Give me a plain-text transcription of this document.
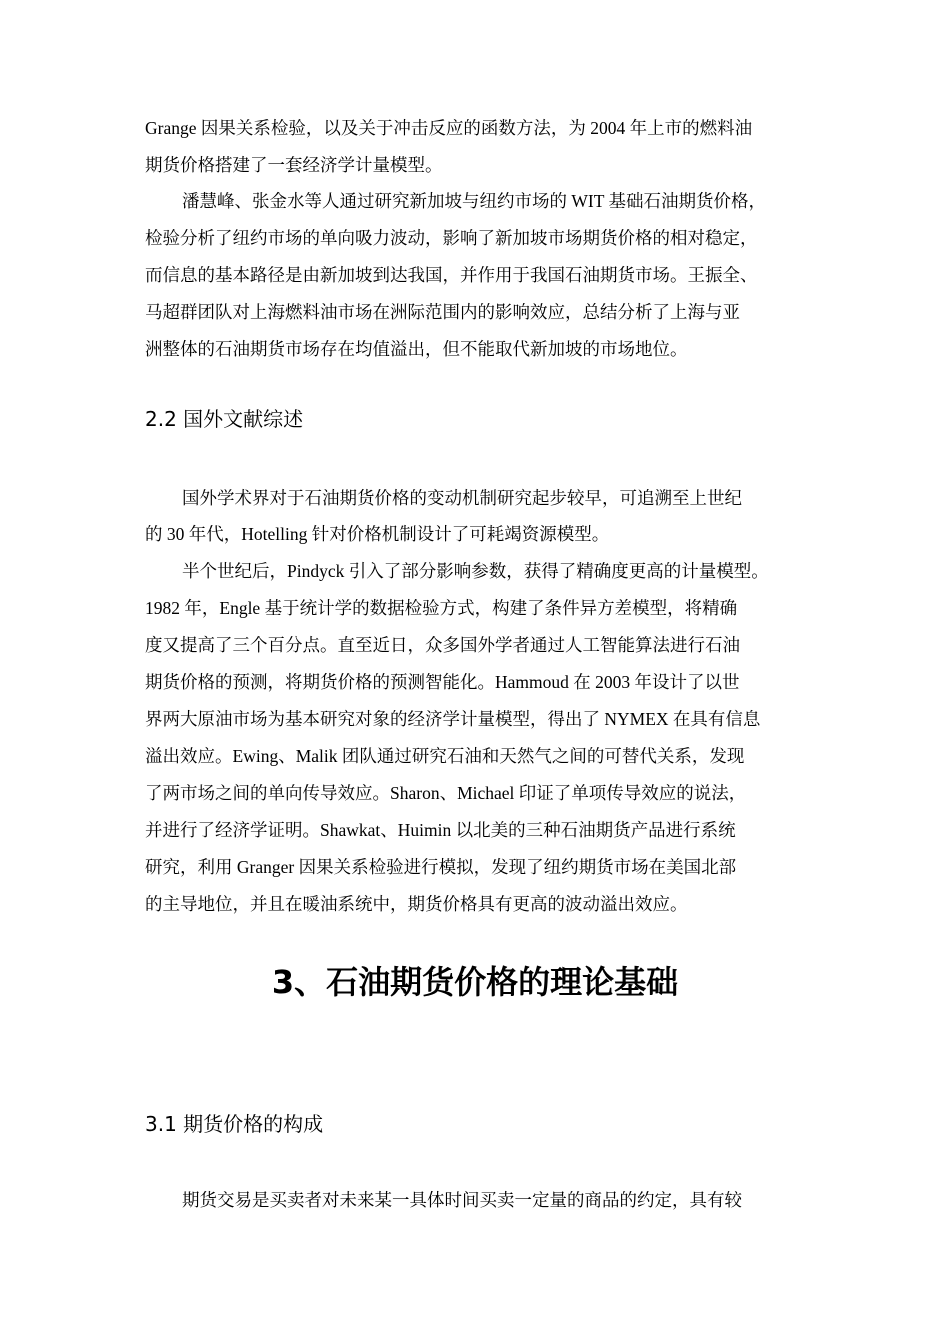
Grange 因果关系检验，以及关于冲击反应的函数方法，为 2004 年上市的燃料油

期货价格搭建了一套经济学计量模型。

潘慧峰、张金水等人通过研究新加坡与纽约市场的 WIT 基础石油期货价格，

检验分析了纽约市场的单向吸力波动，影响了新加坡市场期货价格的相对稳定，

而信息的基本路径是由新加坡到达我国，并作用于我国石油期货市场。王振全、

马超群团队对上海燃料油市场在洲际范围内的影响效应，总结分析了上海与亚

洲整体的石油期货市场存在均值溢出，但不能取代新加坡的市场地位。

2.2 国外文献综述

国外学术界对于石油期货价格的变动机制研究起步较早，可追溯至上世纪

的 30 年代，Hotelling 针对价格机制设计了可耗竭资源模型。

半个世纪后，Pindyck 引入了部分影响参数，获得了精确度更高的计量模型。

1982 年，Engle 基于统计学的数据检验方式，构建了条件异方差模型，将精确

度又提高了三个百分点。直至近日，众多国外学者通过人工智能算法进行石油

期货价格的预测，将期货价格的预测智能化。Hammoud 在 2003 年设计了以世

界两大原油市场为基本研究对象的经济学计量模型，得出了 NYMEX 在具有信息

溢出效应。Ewing、Malik 团队通过研究石油和天然气之间的可替代关系，发现

了两市场之间的单向传导效应。Sharon、Michael 印证了单项传导效应的说法，

并进行了经济学证明。Shawkat、Huimin 以北美的三种石油期货产品进行系统

研究，利用 Granger 因果关系检验进行模拟，发现了纽约期货市场在美国北部

的主导地位，并且在暖油系统中，期货价格具有更高的波动溢出效应。

3、石油期货价格的理论基础
3.1 期货价格的构成

期货交易是买卖者对未来某一具体时间买卖一定量的商品的约定，具有较
